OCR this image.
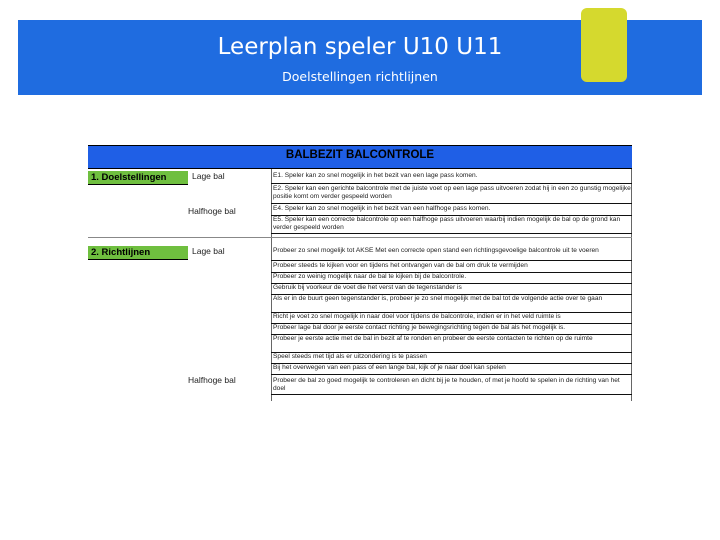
Leerplan speler U10 U11
Doelstellingen richtlijnen
BALBEZIT BALCONTROLE
1. Doelstellingen	Lage bal
Halfhoge bal
E1. Speler kan zo snel mogelijk in het bezit van een lage pass komen.
E2. Speler kan een gerichte balcontrole met de juiste voet op een lage pass uitvoeren zodat hij in een zo gunstig mogelijke positie komt om verder gespeeld worden
E4. Speler kan zo snel mogelijk in het bezit van een halfhoge pass komen.
E5. Speler kan een correcte balcontrole op een halfhoge pass uitvoeren waarbij indien mogelijk de bal op de grond kan verder gespeeld worden
2. Richtlijnen	Lage bal
Halfhoge bal
Probeer zo snel mogelijk tot AKSE Met een correcte open stand een richtingsgevoelige balcontrole uit te voeren
Probeer steeds te kijken voor en tijdens het ontvangen van de bal om druk te vermijden
Probeer zo weinig mogelijk naar de bal te kijken bij de balcontrole.
Gebruik bij voorkeur de voet die het verst van de tegenstander is
Als er in de buurt geen tegenstander is, probeer je zo snel mogelijk met de bal tot de volgende actie over te gaan
Richt je voet zo snel mogelijk in naar doel voor tijdens de balcontrole, indien er in het veld ruimte is
Probeer lage bal door je eerste contact richting je bewegingsrichting tegen de bal als het mogelijk is.
Probeer je eerste actie met de bal in bezit af te ronden en probeer de eerste contacten te richten op de ruimte
Speel steeds met tijd als er uitzondering is te passen
Bij het overwegen van een pass of een lange bal, kijk of je naar doel kan spelen
Probeer de bal zo goed mogelijk te controleren en dicht bij je te houden, of met je hoofd te spelen in de richting van het doel
